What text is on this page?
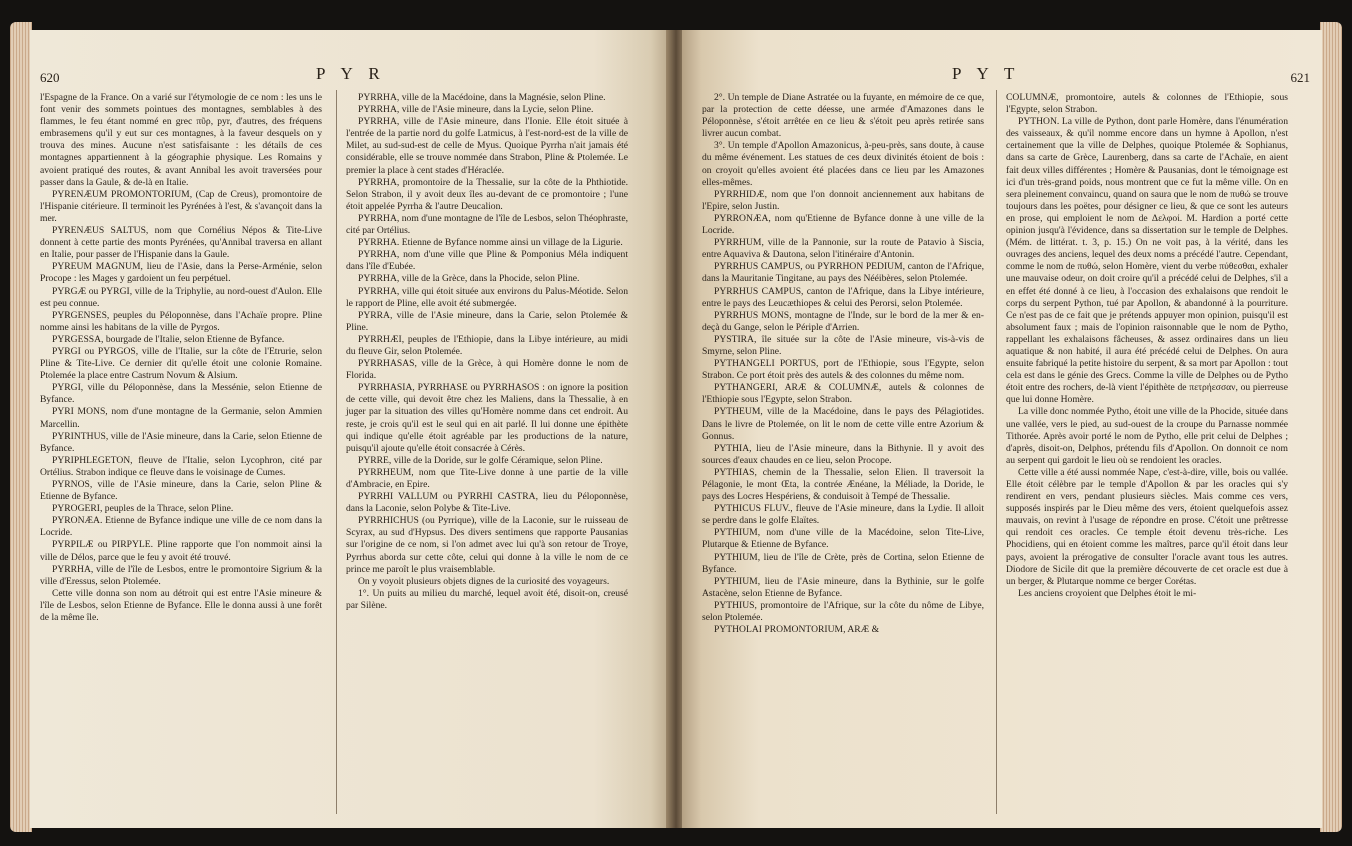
620	P Y R

l'Espagne de la France. On a varié sur l'étymologie de ce nom : les uns le font venir des sommets pointues des montagnes, semblables à des flammes, le feu étant nommé en grec πῦρ, pyr, d'autres, des fréquens embrasemens qu'il y eut sur ces montagnes, à la faveur desquels on y trouva des mines. Aucune n'est satisfaisante : les détails de ces montagnes appartiennent à la géographie physique. Les Romains y avoient pratiqué des routes, & avant Annibal les avoit traversées pour passer dans la Gaule, & de-là en Italie.

PYRENÆUM PROMONTORIUM, (Cap de Creus), promontoire de l'Hispanie citérieure. Il terminoit les Pyrénées à l'est, & s'avançoit dans la mer.

PYRENÆUS SALTUS, nom que Cornélius Népos & Tite-Live donnent à cette partie des monts Pyrénées, qu'Annibal traversa en allant en Italie, pour passer de l'Hispanie dans la Gaule.

PYREUM MAGNUM, lieu de l'Asie, dans la Perse-Arménie, selon Procope : les Mages y gardoient un feu perpétuel.

PYRGÆ ou PYRGI, ville de la Triphylie, au nord-ouest d'Aulon. Elle est peu connue.

PYRGENSES, peuples du Péloponnèse, dans l'Achaïe propre. Pline nomme ainsi les habitans de la ville de Pyrgos.

PYRGESSA, bourgade de l'Italie, selon Etienne de Byfance.

PYRGI ou PYRGOS, ville de l'Italie, sur la côte de l'Etrurie, selon Pline & Tite-Live. Ce dernier dit qu'elle étoit une colonie Romaine. Ptolemée la place entre Castrum Novum & Alsium.

PYRGI, ville du Péloponnèse, dans la Messénie, selon Etienne de Byfance.

PYRI MONS, nom d'une montagne de la Germanie, selon Ammien Marcellin.

PYRINTHUS, ville de l'Asie mineure, dans la Carie, selon Etienne de Byfance.

PYRIPHLEGETON, fleuve de l'Italie, selon Lycophron, cité par Ortélius. Strabon indique ce fleuve dans le voisinage de Cumes.

PYRNOS, ville de l'Asie mineure, dans la Carie, selon Pline & Etienne de Byfance.

PYROGERI, peuples de la Thrace, selon Pline.

PYRONÆA. Etienne de Byfance indique une ville de ce nom dans la Locride.

PYRPILÆ ou PIRPYLE. Pline rapporte que l'on nommoit ainsi la ville de Délos, parce que le feu y avoit été trouvé.

PYRRHA, ville de l'île de Lesbos, entre le promontoire Sigrium & la ville d'Eressus, selon Ptolemée.

Cette ville donna son nom au détroit qui est entre l'Asie mineure & l'île de Lesbos, selon Etienne de Byfance. Elle le donna aussi à une forêt de la même île.

PYRRHA, ville de la Macédoine, dans la Magnésie, selon Pline.

PYRRHA, ville de l'Asie mineure, dans la Lycie, selon Pline.

PYRRHA, ville de l'Asie mineure, dans l'Ionie. Elle étoit située à l'entrée de la partie nord du golfe Latmicus, à l'est-nord-est de la ville de Milet, au sud-sud-est de celle de Myus. Quoique Pyrrha n'ait jamais été considérable, elle se trouve nommée dans Strabon, Pline & Ptolemée. Le premier la place à cent stades d'Héraclée.

PYRRHA, promontoire de la Thessalie, sur la côte de la Phthiotide. Selon Strabon, il y avoit deux îles au-devant de ce promontoire ; l'une étoit appelée Pyrrha & l'autre Deucalion.

PYRRHA, nom d'une montagne de l'île de Lesbos, selon Théophraste, cité par Ortélius.

PYRRHA. Etienne de Byfance nomme ainsi un village de la Ligurie.

PYRRHA, nom d'une ville que Pline & Pomponius Méla indiquent dans l'île d'Eubée.

PYRRHA, ville de la Grèce, dans la Phocide, selon Pline.

PYRRHA, ville qui étoit située aux environs du Palus-Méotide. Selon le rapport de Pline, elle avoit été submergée.

PYRRA, ville de l'Asie mineure, dans la Carie, selon Ptolemée & Pline.

PYRRHÆI, peuples de l'Ethiopie, dans la Libye intérieure, au midi du fleuve Gir, selon Ptolemée.

PYRRHASAS, ville de la Grèce, à qui Homère donne le nom de Florida.

PYRRHASIA, PYRRHASE ou PYRRHASOS : on ignore la position de cette ville, qui devoit être chez les Maliens, dans la Thessalie, à en juger par la situation des villes qu'Homère nomme dans cet endroit. Au reste, je crois qu'il est le seul qui en ait parlé. Il lui donne une épithète qui indique qu'elle étoit agréable par les productions de la nature, puisqu'il ajoute qu'elle étoit consacrée à Cérès.

PYRRE, ville de la Doride, sur le golfe Céramique, selon Pline.

PYRRHEUM, nom que Tite-Live donne à une partie de la ville d'Ambracie, en Epire.

PYRRHI VALLUM ou PYRRHI CASTRA, lieu du Péloponnèse, dans la Laconie, selon Polybe & Tite-Live.

PYRRHICHUS (ou Pyrrique), ville de la Laconie, sur le ruisseau de Scyrax, au sud d'Hypsus. Des divers sentimens que rapporte Pausanias sur l'origine de ce nom, si l'on admet avec lui qu'à son retour de Troye, Pyrrhus aborda sur cette côte, celui qui donne à la ville le nom de ce prince me paroît le plus vraisemblable.

On y voyoit plusieurs objets dignes de la curiosité des voyageurs.

1°. Un puits au milieu du marché, lequel avoit été, disoit-on, creusé par Silène.

P Y T	621

2°. Un temple de Diane Astratée ou la fuyante, en mémoire de ce que, par la protection de cette déesse, une armée d'Amazones dans le Péloponnèse, s'étoit arrêtée en ce lieu & s'étoit peu après retirée sans livrer aucun combat.

3°. Un temple d'Apollon Amazonicus, à-peu-près, sans doute, à cause du même événement. Les statues de ces deux divinités étoient de bois : on croyoit qu'elles avoient été placées dans ce lieu par les Amazones elles-mêmes.

PYRRHIDÆ, nom que l'on donnoit anciennement aux habitans de l'Epire, selon Justin.

PYRRONÆA, nom qu'Etienne de Byfance donne à une ville de la Locride.

PYRRHUM, ville de la Pannonie, sur la route de Patavio à Siscia, entre Aquaviva & Dautona, selon l'itinéraire d'Antonin.

PYRRHUS CAMPUS, ou PYRRHON PEDIUM, canton de l'Afrique, dans la Mauritanie Tingitane, au pays des Nééibères, selon Ptolemée.

PYRRHUS CAMPUS, canton de l'Afrique, dans la Libye intérieure, entre le pays des Leucæthiopes & celui des Perorsi, selon Ptolemée.

PYRRHUS MONS, montagne de l'Inde, sur le bord de la mer & en-deçà du Gange, selon le Périple d'Arrien.

PYSTIRA, île située sur la côte de l'Asie mineure, vis-à-vis de Smyrne, selon Pline.

PYTHANGELI PORTUS, port de l'Ethiopie, sous l'Egypte, selon Strabon. Ce port étoit près des autels & des colonnes du même nom.

PYTHANGERI, ARÆ & COLUMNÆ, autels & colonnes de l'Ethiopie sous l'Egypte, selon Strabon.

PYTHEUM, ville de la Macédoine, dans le pays des Pélagiotides. Dans le livre de Ptolemée, on lit le nom de cette ville entre Azorium & Gonnus.

PYTHIA, lieu de l'Asie mineure, dans la Bithynie. Il y avoit des sources d'eaux chaudes en ce lieu, selon Procope.

PYTHIAS, chemin de la Thessalie, selon Elien. Il traversoit la Pélagonie, le mont Œta, la contrée Ænéane, la Méliade, la Doride, le pays des Locres Hespériens, & conduisoit à Tempé de Thessalie.

PYTHICUS FLUV., fleuve de l'Asie mineure, dans la Lydie. Il alloit se perdre dans le golfe Elaïtes.

PYTHIUM, nom d'une ville de la Macédoine, selon Tite-Live, Plutarque & Etienne de Byfance.

PYTHIUM, lieu de l'île de Crète, près de Cortina, selon Etienne de Byfance.

PYTHIUM, lieu de l'Asie mineure, dans la Bythinie, sur le golfe Astacène, selon Etienne de Byfance.

PYTHIUS, promontoire de l'Afrique, sur la côte du nôme de Libye, selon Ptolemée.

PYTHOLAI PROMONTORIUM, ARÆ &

COLUMNÆ, promontoire, autels & colonnes de l'Ethiopie, sous l'Egypte, selon Strabon.

PYTHON. La ville de Python, dont parle Homère, dans l'énumération des vaisseaux, & qu'il nomme encore dans un hymne à Apollon, n'est certainement que la ville de Delphes, quoique Ptolemée & Sophianus, dans sa carte de Grèce, Laurenberg, dans sa carte de l'Achaïe, en aient fait deux villes différentes ; Homère & Pausanias, dont le témoignage est ici d'un très-grand poids, nous montrent que ce fut la même ville. On en sera pleinement convaincu, quand on saura que le nom de πυθώ se trouve toujours dans les poëtes, pour désigner ce lieu, & que ce sont les auteurs en prose, qui emploient le nom de Δελφοί. M. Hardion a porté cette opinion jusqu'à l'évidence, dans sa dissertation sur le temple de Delphes. (Mém. de littérat. t. 3, p. 15.) On ne voit pas, à la vérité, dans les ouvrages des anciens, lequel des deux noms a précédé l'autre. Cependant, comme le nom de πυθώ, selon Homère, vient du verbe πύθεσθαι, exhaler une mauvaise odeur, on doit croire qu'il a précédé celui de Delphes, s'il a en effet été donné à ce lieu, à l'occasion des exhalaisons que rendoit le corps du serpent Python, tué par Apollon, & abandonné à la pourriture. Ce n'est pas de ce fait que je prétends appuyer mon opinion, puisqu'il est absolument faux ; mais de l'opinion raisonnable que le nom de Pytho, rappellant les exhalaisons fâcheuses, & assez ordinaires dans un lieu aquatique & non habité, il aura été précédé celui de Delphes. On aura ensuite fabriqué la petite histoire du serpent, & sa mort par Apollon : tout cela est dans le génie des Grecs. Comme la ville de Delphes ou de Pytho étoit entre des rochers, de-là vient l'épithète de πετρήεσσαν, ou pierreuse que lui donne Homère.

La ville donc nommée Pytho, étoit une ville de la Phocide, située dans une vallée, vers le pied, au sud-ouest de la croupe du Parnasse nommée Tithorée. Après avoir porté le nom de Pytho, elle prit celui de Delphes ; d'après, disoit-on, Delphos, prétendu fils d'Apollon. On donnoit ce nom au serpent qui gardoit le lieu où se rendoient les oracles.

Cette ville a été aussi nommée Nape, c'est-à-dire, ville, bois ou vallée. Elle étoit célèbre par le temple d'Apollon & par les oracles qui s'y rendirent en vers, pendant plusieurs siècles. Mais comme ces vers, supposés inspirés par le Dieu même des vers, étoient quelquefois assez mauvais, on revint à l'usage de répondre en prose. C'étoit une prêtresse qui rendoit ces oracles. Ce temple étoit devenu très-riche. Les Phocidiens, qui en étoient comme les maîtres, parce qu'il étoit dans leur pays, avoient la prérogative de consulter l'oracle avant tous les autres. Diodore de Sicile dit que la première découverte de cet oracle est due à un berger, & Plutarque nomme ce berger Corétas.

Les anciens croyoient que Delphes étoit le mi-
